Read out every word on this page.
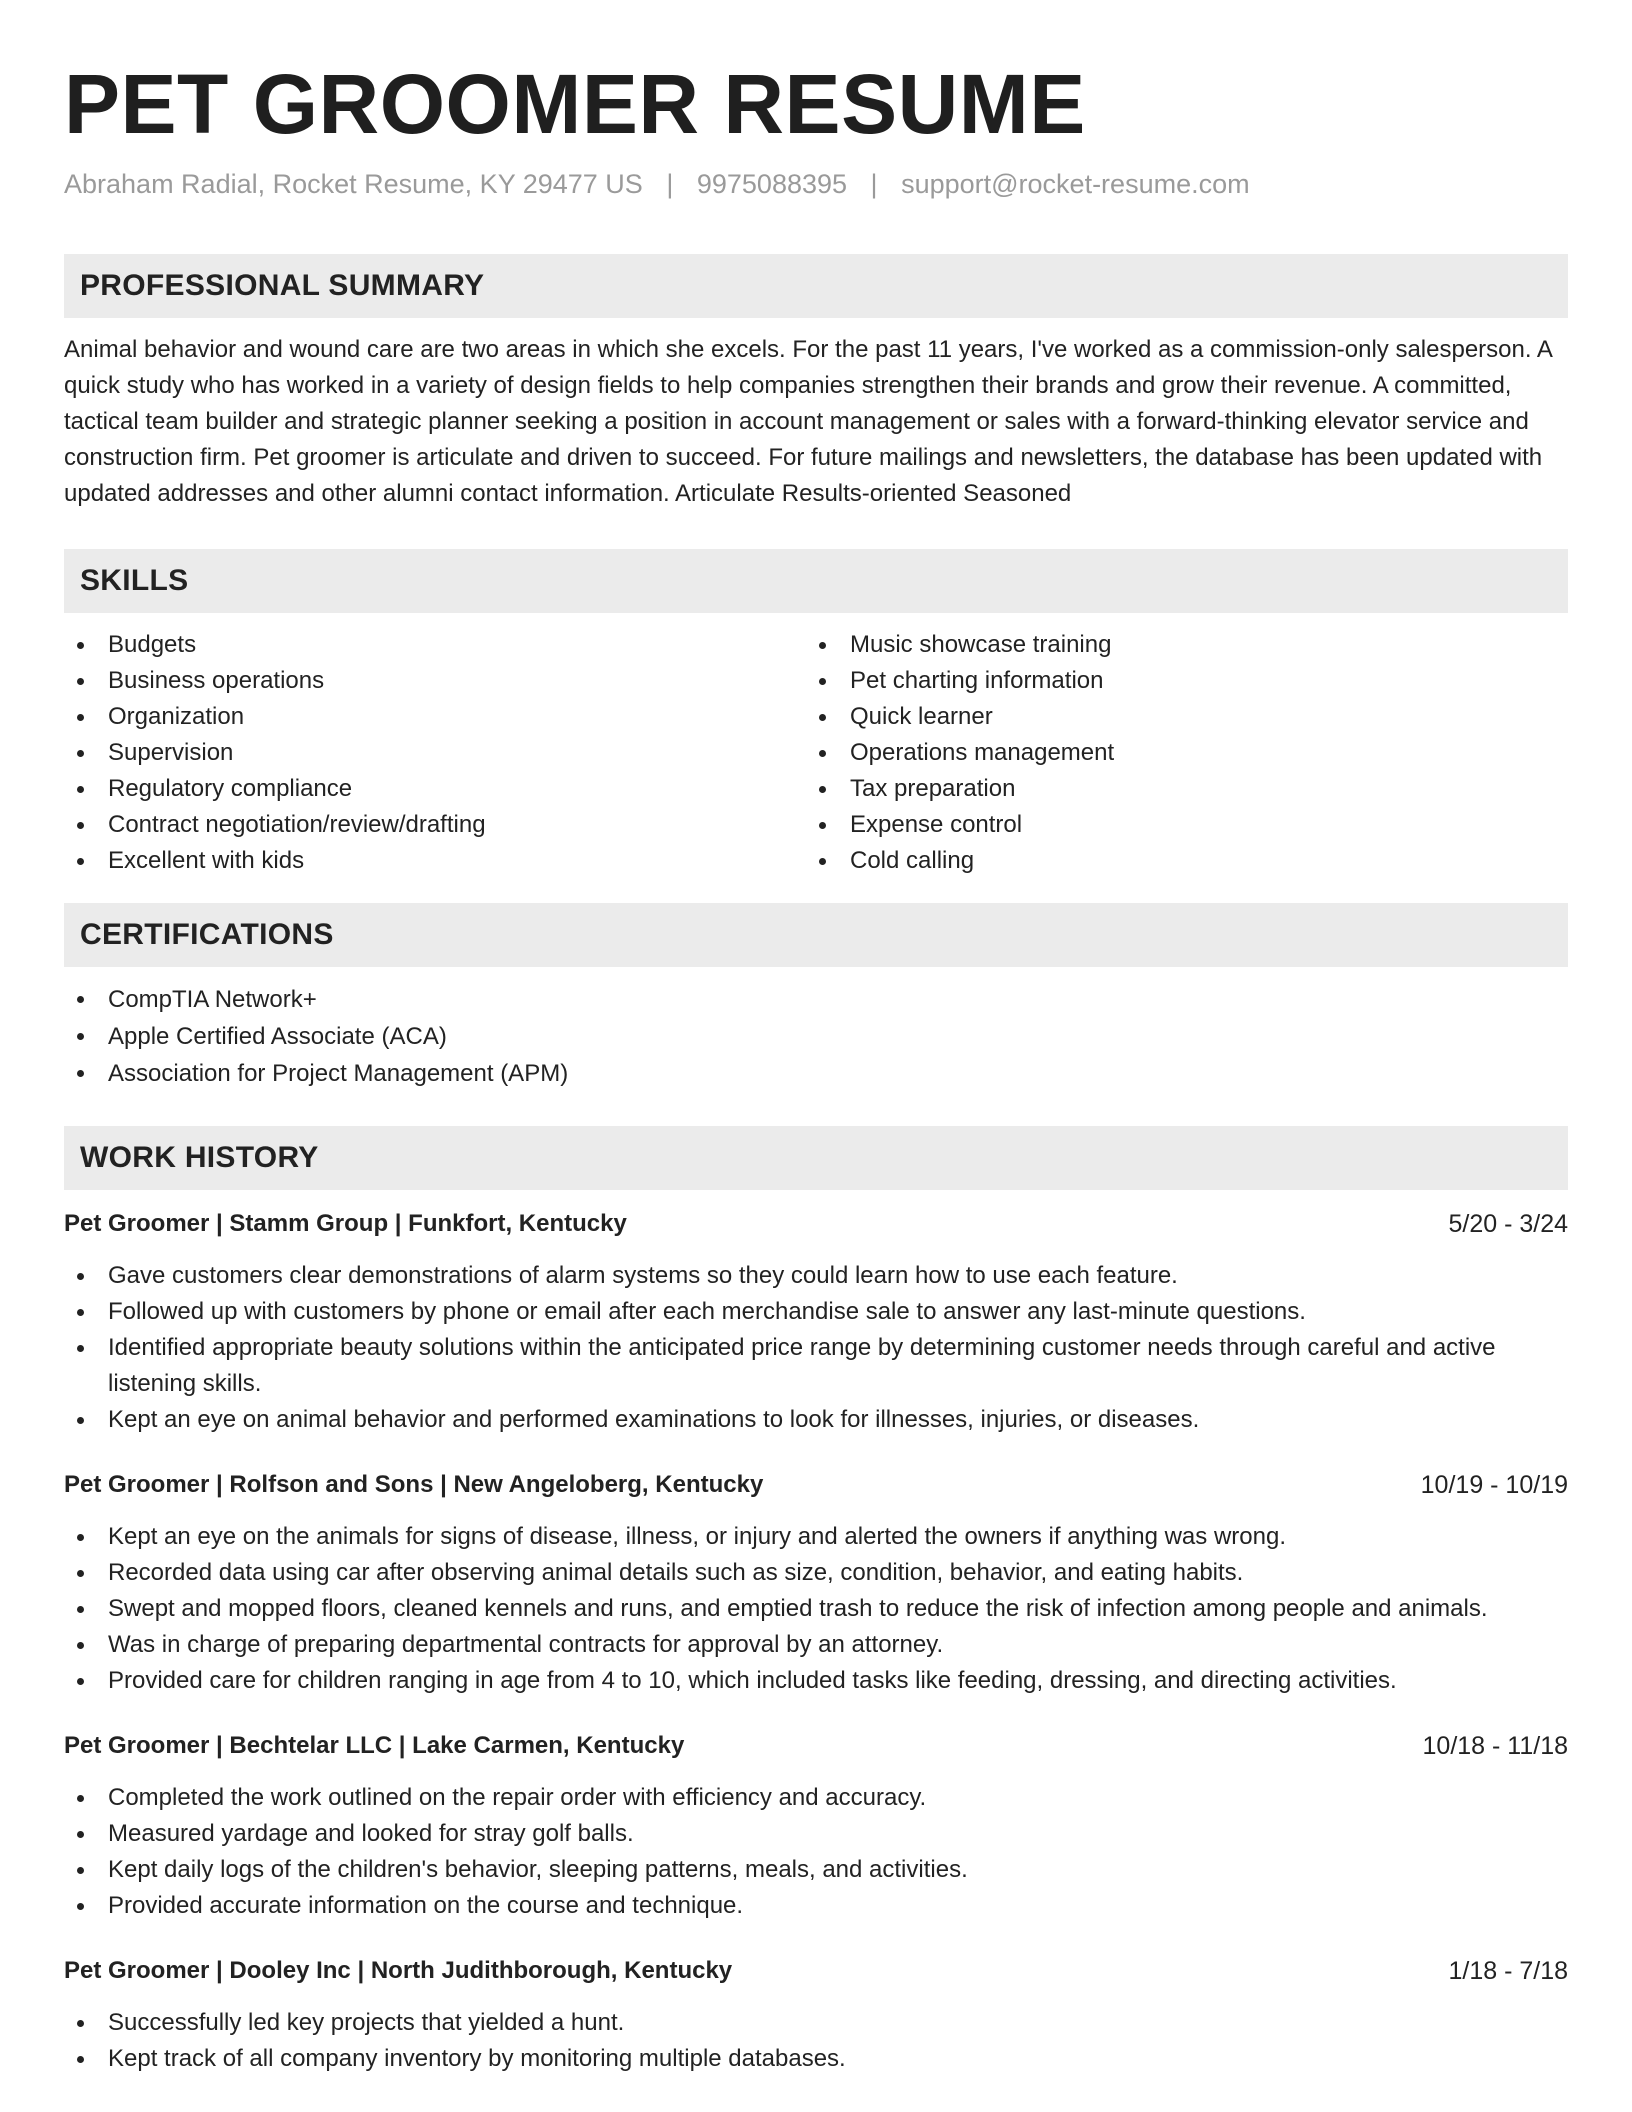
PET GROOMER RESUME
Abraham Radial, Rocket Resume, KY 29477 US | 9975088395 | support@rocket-resume.com
PROFESSIONAL SUMMARY
Animal behavior and wound care are two areas in which she excels. For the past 11 years, I've worked as a commission-only salesperson. A quick study who has worked in a variety of design fields to help companies strengthen their brands and grow their revenue. A committed, tactical team builder and strategic planner seeking a position in account management or sales with a forward-thinking elevator service and construction firm. Pet groomer is articulate and driven to succeed. For future mailings and newsletters, the database has been updated with updated addresses and other alumni contact information. Articulate Results-oriented Seasoned
SKILLS
Budgets
Business operations
Organization
Supervision
Regulatory compliance
Contract negotiation/review/drafting
Excellent with kids
Music showcase training
Pet charting information
Quick learner
Operations management
Tax preparation
Expense control
Cold calling
CERTIFICATIONS
CompTIA Network+
Apple Certified Associate (ACA)
Association for Project Management (APM)
WORK HISTORY
Pet Groomer | Stamm Group | Funkfort, Kentucky	5/20 - 3/24
Gave customers clear demonstrations of alarm systems so they could learn how to use each feature.
Followed up with customers by phone or email after each merchandise sale to answer any last-minute questions.
Identified appropriate beauty solutions within the anticipated price range by determining customer needs through careful and active listening skills.
Kept an eye on animal behavior and performed examinations to look for illnesses, injuries, or diseases.
Pet Groomer | Rolfson and Sons | New Angeloberg, Kentucky	10/19 - 10/19
Kept an eye on the animals for signs of disease, illness, or injury and alerted the owners if anything was wrong.
Recorded data using car after observing animal details such as size, condition, behavior, and eating habits.
Swept and mopped floors, cleaned kennels and runs, and emptied trash to reduce the risk of infection among people and animals.
Was in charge of preparing departmental contracts for approval by an attorney.
Provided care for children ranging in age from 4 to 10, which included tasks like feeding, dressing, and directing activities.
Pet Groomer | Bechtelar LLC | Lake Carmen, Kentucky	10/18 - 11/18
Completed the work outlined on the repair order with efficiency and accuracy.
Measured yardage and looked for stray golf balls.
Kept daily logs of the children's behavior, sleeping patterns, meals, and activities.
Provided accurate information on the course and technique.
Pet Groomer | Dooley Inc | North Judithborough, Kentucky	1/18 - 7/18
Successfully led key projects that yielded a hunt.
Kept track of all company inventory by monitoring multiple databases.
